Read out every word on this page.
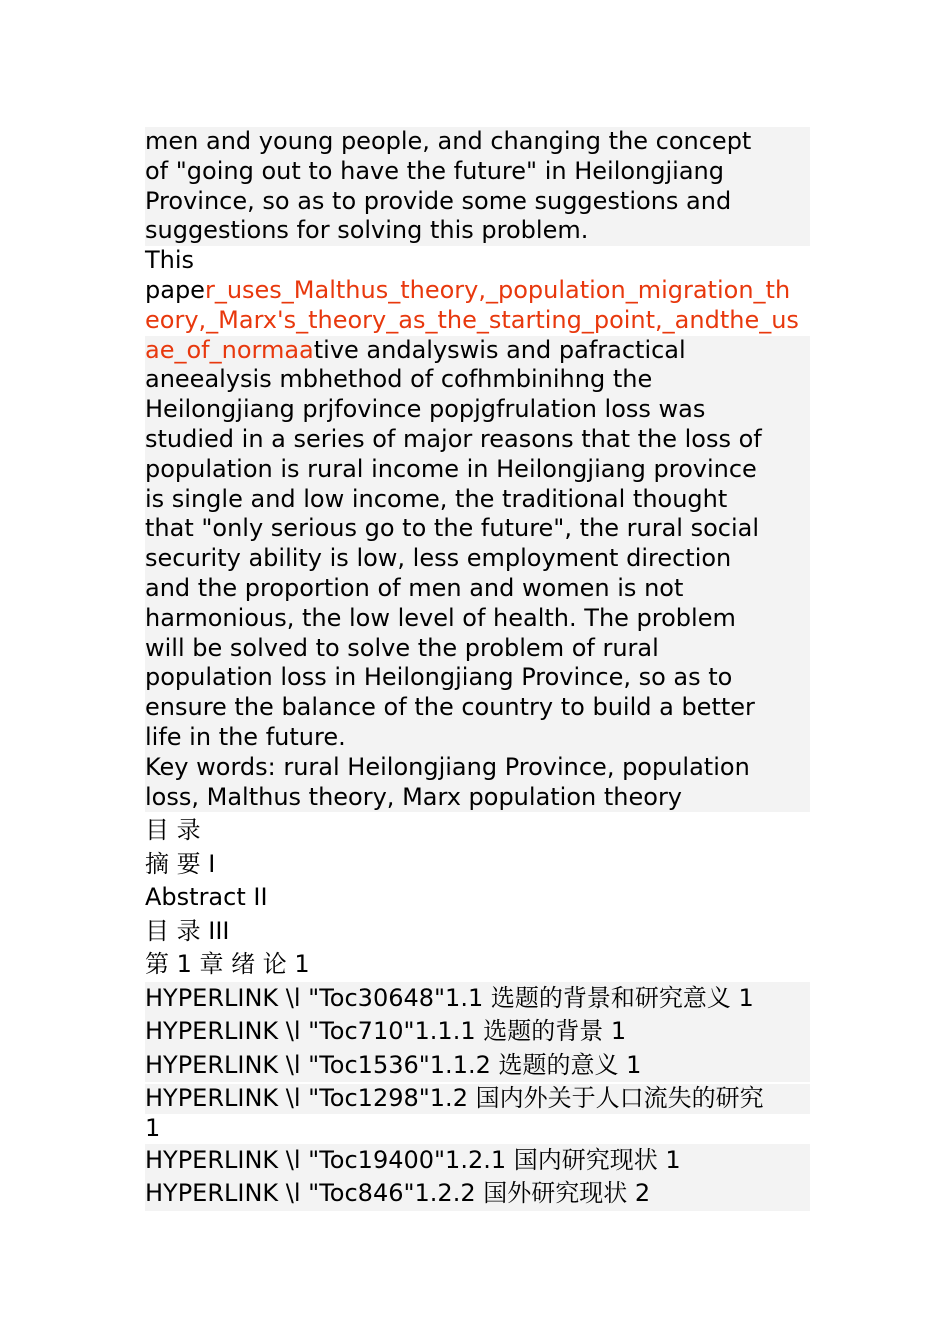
men and young people, and changing the concept
of "going out to have the future" in Heilongjiang
Province, so as to provide some suggestions and
suggestions for solving this problem.
This
paper_uses_Malthus_theory,_population_migration_th
eory,_Marx's_theory_as_the_starting_point,_andthe_us
ae_of_normaative andalyswis and pafractical
aneealysis mbhethod of cofhmbinihng the
Heilongjiang prjfovince popjgfrulation loss was
studied in a series of major reasons that the loss of
population is rural income in Heilongjiang province
is single and low income, the traditional thought
that "only serious go to the future", the rural social
security ability is low, less employment direction
and the proportion of men and women is not
harmonious, the low level of health. The problem
will be solved to solve the problem of rural
population loss in Heilongjiang Province, so as to
ensure the balance of the country to build a better
life in the future.
Key words: rural Heilongjiang Province, population
loss, Malthus theory, Marx population theory
目 录
摘 要 I
Abstract II
目 录 III
第 1 章 绪 论 1
HYPERLINK \l "Toc30648"1.1 选题的背景和研究意义 1
HYPERLINK \l "Toc710"1.1.1 选题的背景 1
HYPERLINK \l "Toc1536"1.1.2 选题的意义 1
HYPERLINK \l "Toc1298"1.2 国内外关于人口流失的研究
1
HYPERLINK \l "Toc19400"1.2.1 国内研究现状 1
HYPERLINK \l "Toc846"1.2.2 国外研究现状 2
